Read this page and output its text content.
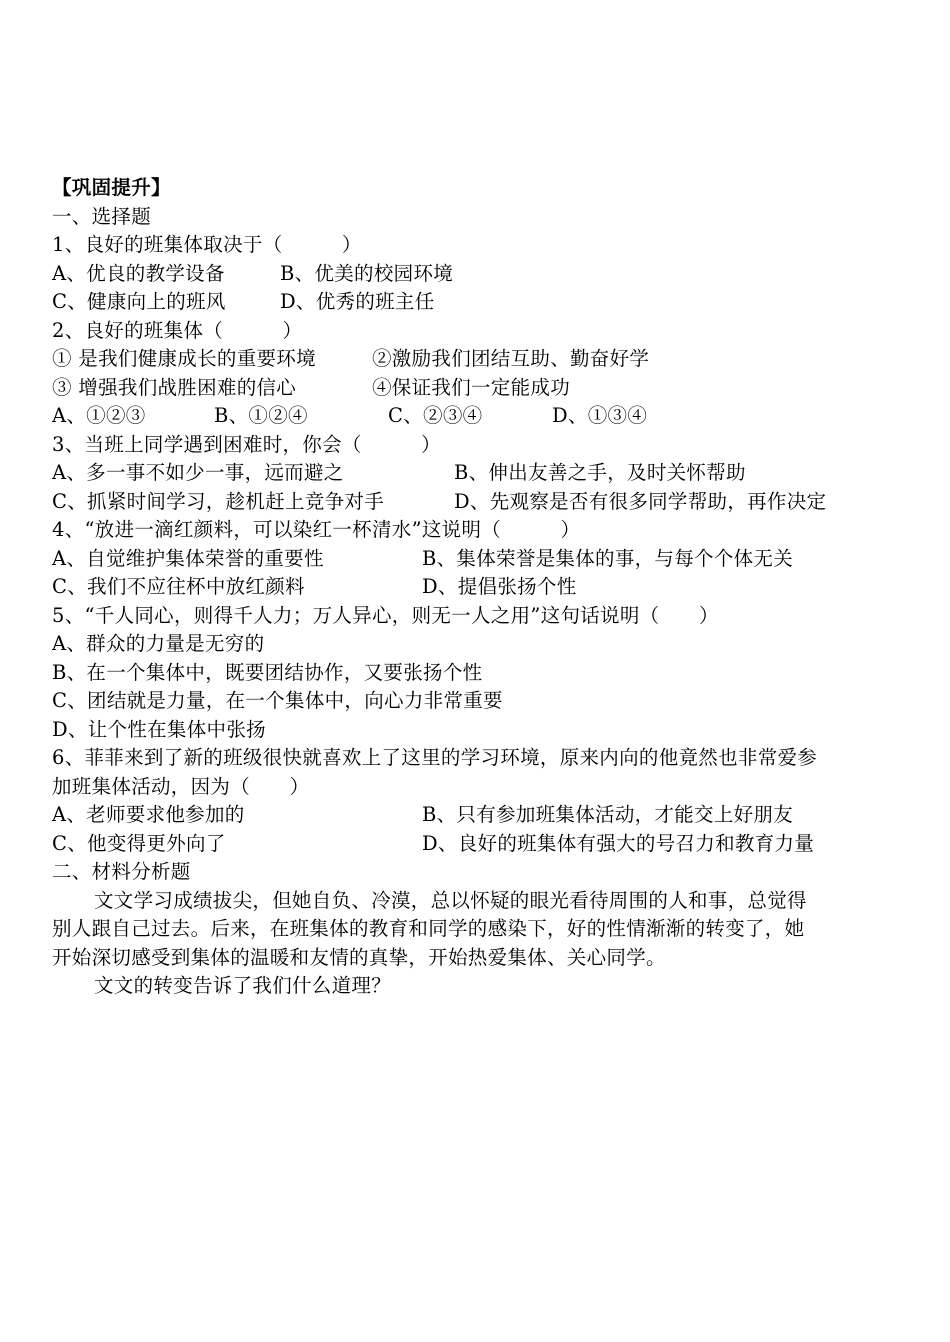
【巩固提升】
一、选择题
1、良好的班集体取决于（　　　）
A、优良的教学设备	B、优美的校园环境
C、健康向上的班风	D、优秀的班主任
2、良好的班集体（　　　）
① 是我们健康成长的重要环境	②激励我们团结互助、勤奋好学
③ 增强我们战胜困难的信心	④保证我们一定能成功
A、①②③	B、①②④	C、②③④	D、①③④
3、当班上同学遇到困难时，你会（　　　）
A、多一事不如少一事，远而避之	B、伸出友善之手，及时关怀帮助
C、抓紧时间学习，趁机赶上竞争对手	D、先观察是否有很多同学帮助，再作决定
4、“放进一滴红颜料，可以染红一杯清水”这说明（　　　）
A、自觉维护集体荣誉的重要性	B、集体荣誉是集体的事，与每个个体无关
C、我们不应往杯中放红颜料	D、提倡张扬个性
5、“千人同心，则得千人力；万人异心，则无一人之用”这句话说明（　　）
A、群众的力量是无穷的
B、在一个集体中，既要团结协作，又要张扬个性
C、团结就是力量，在一个集体中，向心力非常重要
D、让个性在集体中张扬
6、菲菲来到了新的班级很快就喜欢上了这里的学习环境，原来内向的他竟然也非常爱参
加班集体活动，因为（　　）
A、老师要求他参加的	B、只有参加班集体活动，才能交上好朋友
C、他变得更外向了	D、良好的班集体有强大的号召力和教育力量
二、材料分析题
文文学习成绩拔尖，但她自负、冷漠，总以怀疑的眼光看待周围的人和事，总觉得
别人跟自己过去。后来，在班集体的教育和同学的感染下，好的性情渐渐的转变了，她
开始深切感受到集体的温暖和友情的真挚，开始热爱集体、关心同学。
文文的转变告诉了我们什么道理？
